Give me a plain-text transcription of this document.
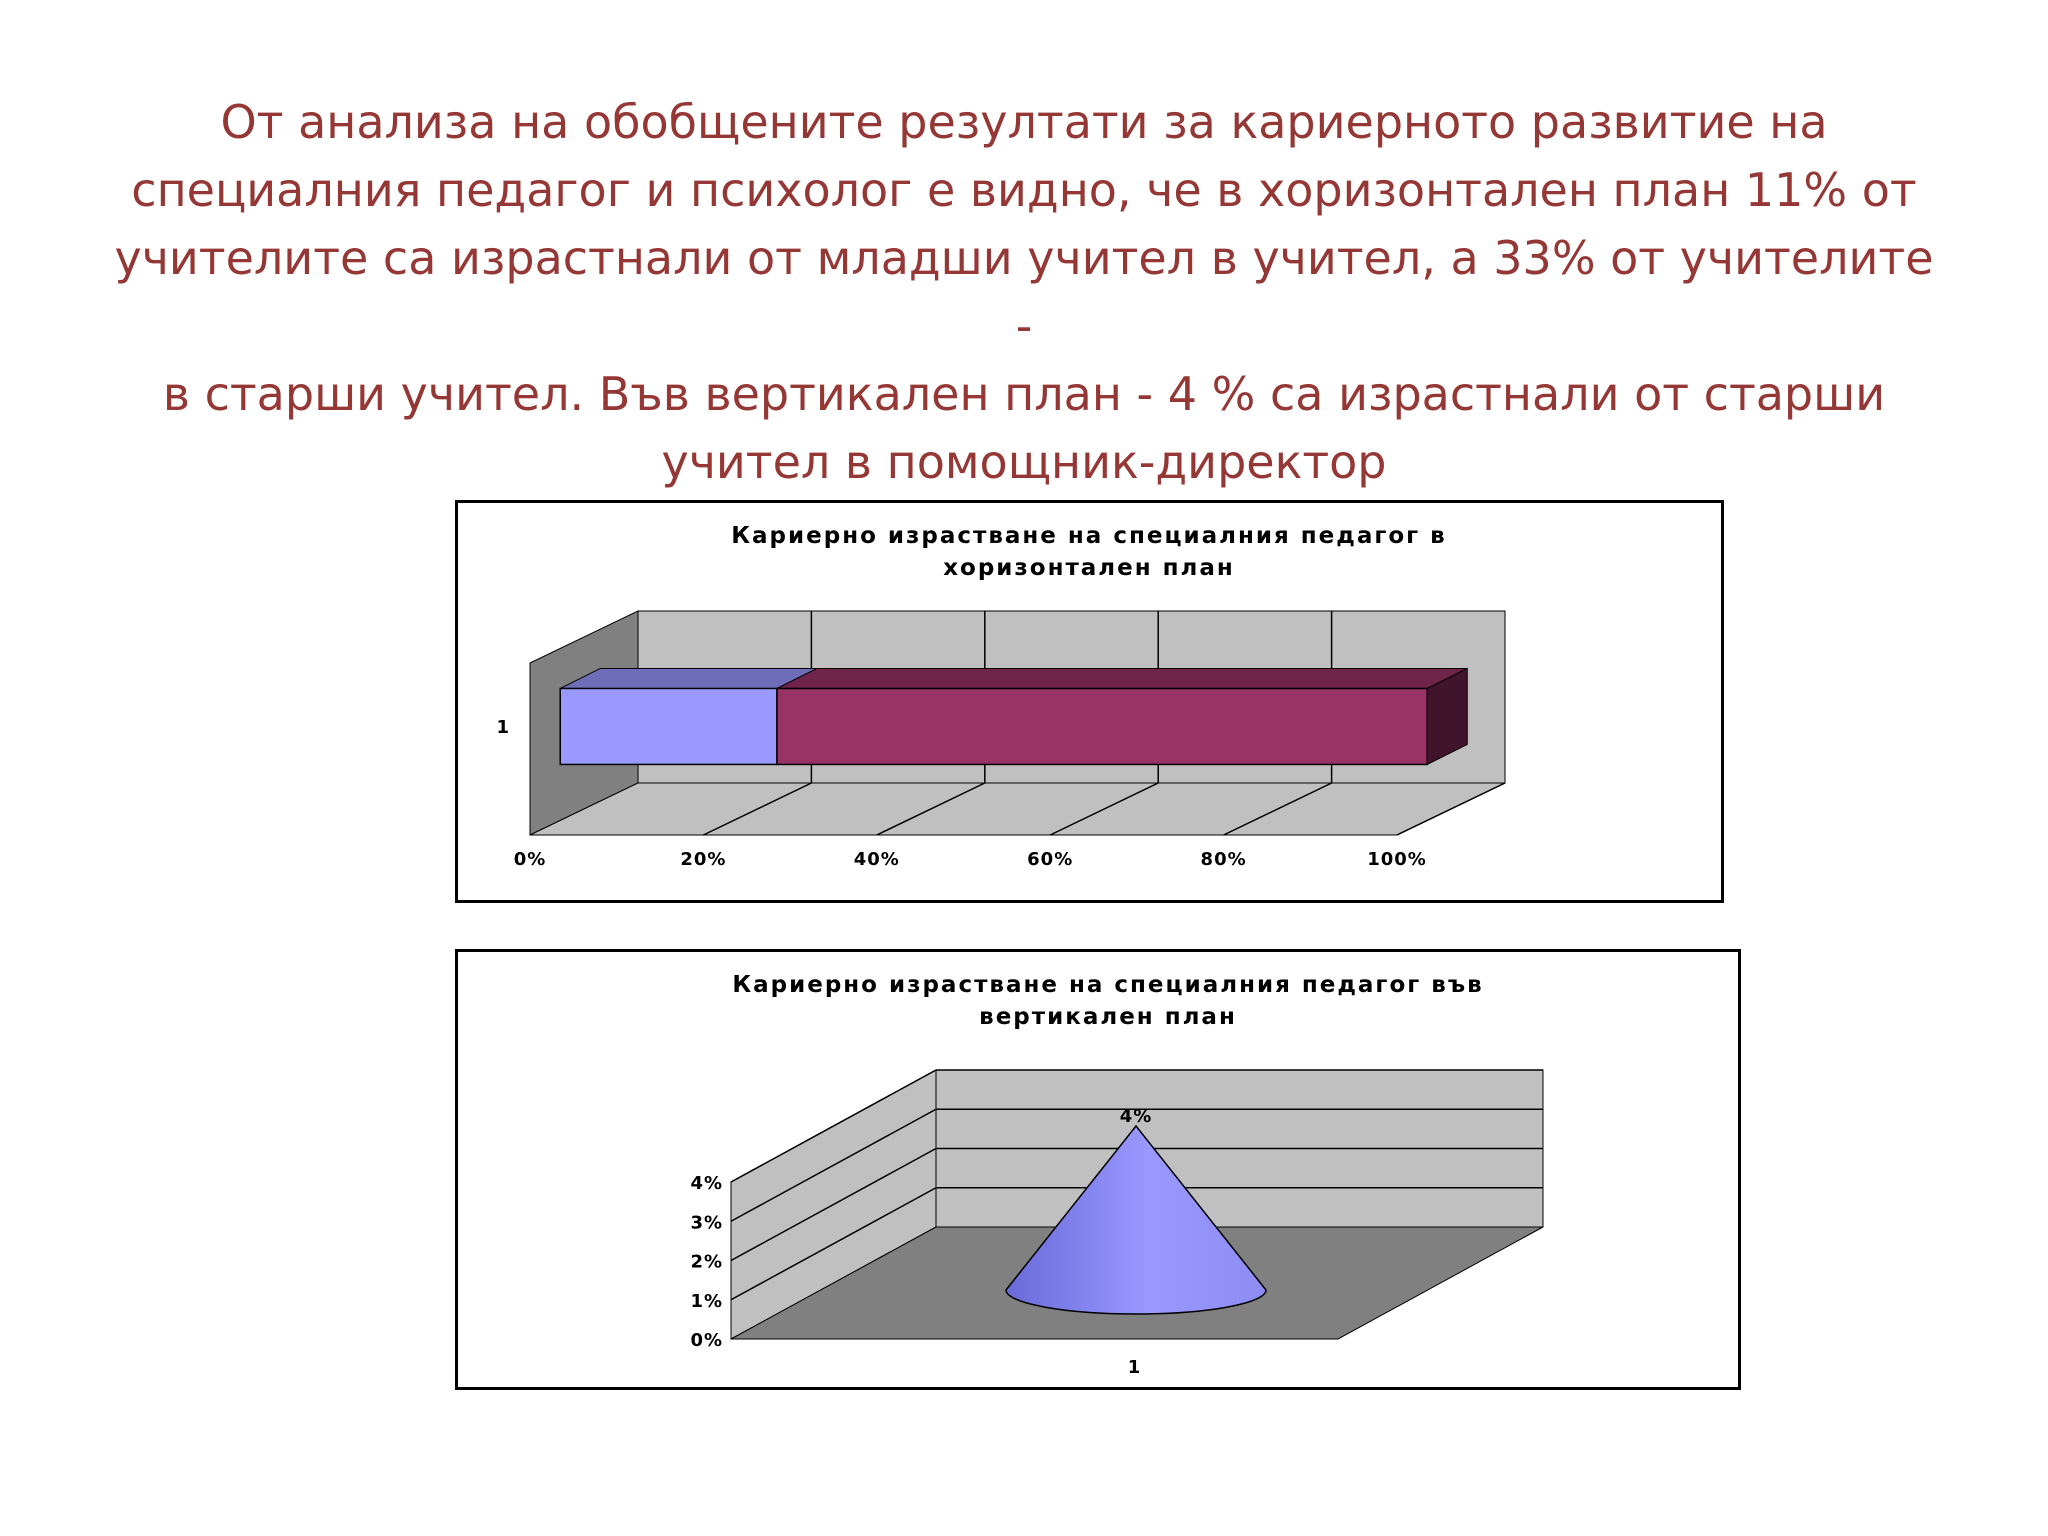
От анализа на обобщените резултати за кариерното развитие на
специалния педагог и психолог е видно, че в хоризонтален план 11% от
учителите са израстнали от младши учител в учител, а 33% от учителите -
в старши учител. Във вертикален план - 4 % са израстнали от старши
учител в помощник-директор
Кариерно израстване на специалния педагог в
хоризонтален план
0%	20%	40%	60%	80%	100%
1
Кариерно израстване на специалния педагог във
вертикален план
0%
1%
2%
3%
4%
1
4%
